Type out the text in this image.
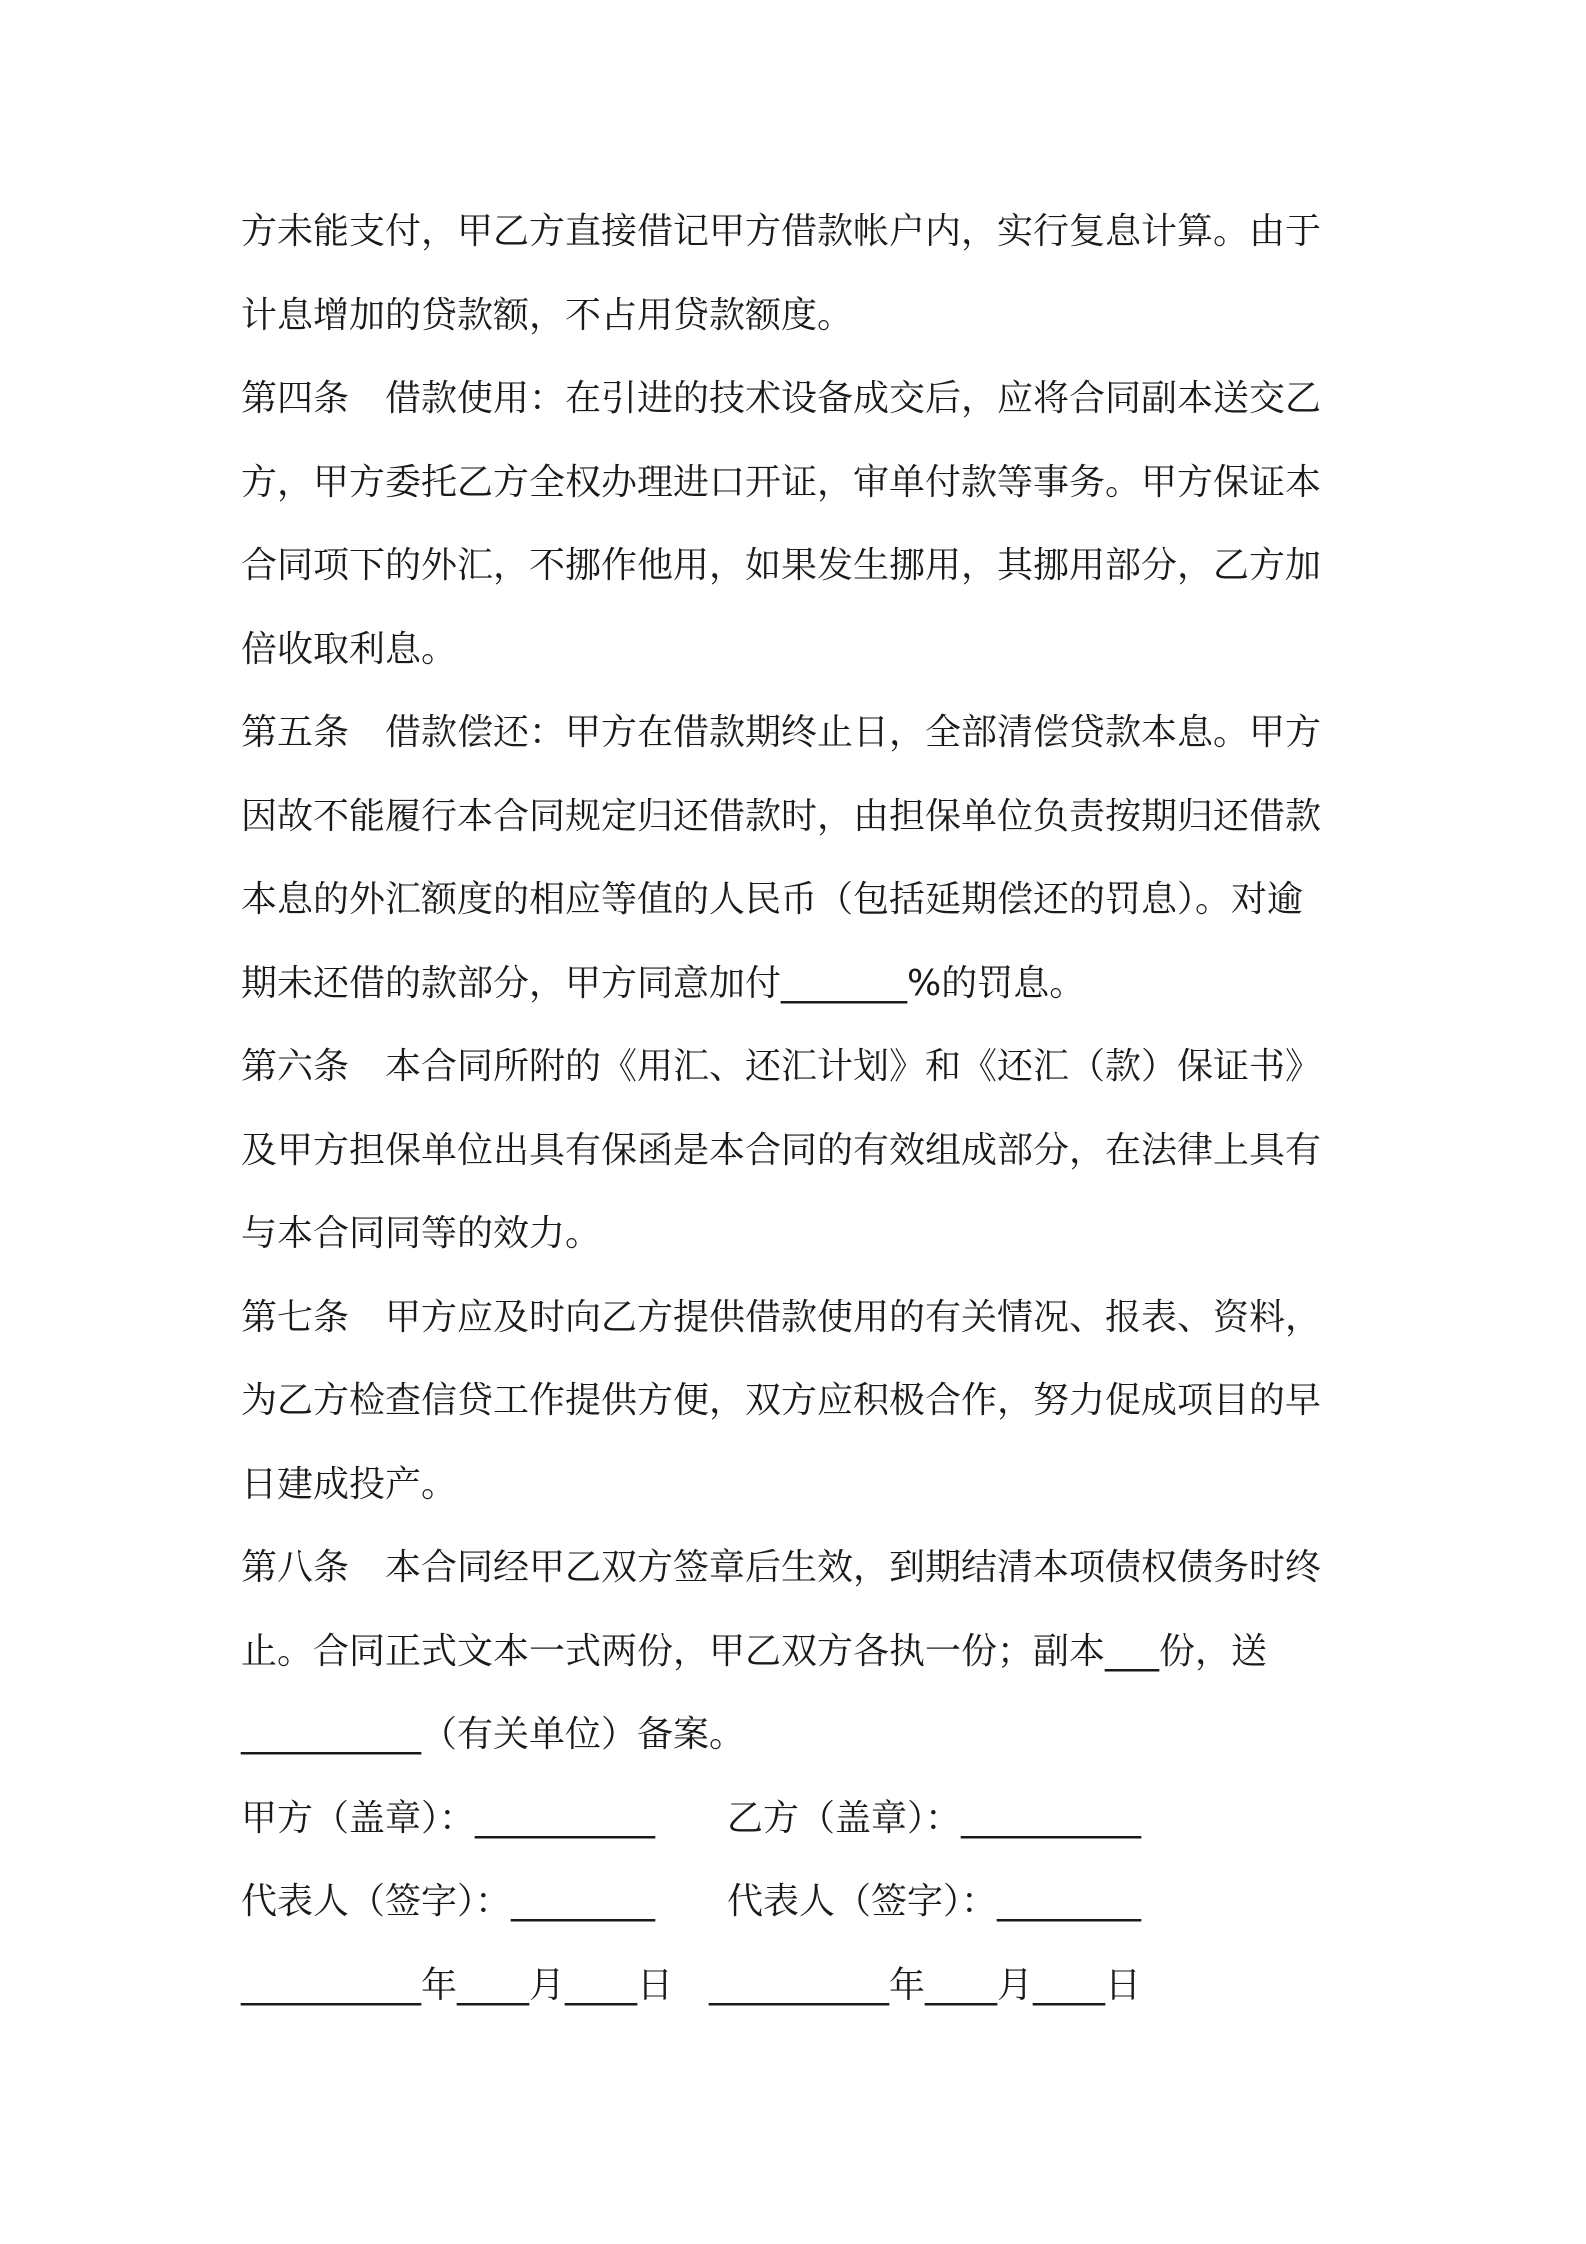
方未能支付，甲乙方直接借记甲方借款帐户内，实行复息计算。由于
计息增加的贷款额，不占用贷款额度。
第四条　借款使用：在引进的技术设备成交后，应将合同副本送交乙
方，甲方委托乙方全权办理进口开证，审单付款等事务。甲方保证本
合同项下的外汇，不挪作他用，如果发生挪用，其挪用部分，乙方加
倍收取利息。
第五条　借款偿还：甲方在借款期终止日，全部清偿贷款本息。甲方
因故不能履行本合同规定归还借款时，由担保单位负责按期归还借款
本息的外汇额度的相应等值的人民币（包括延期偿还的罚息）。对逾
期未还借的款部分，甲方同意加付_______%的罚息。
第六条　本合同所附的《用汇、还汇计划》和《还汇（款）保证书》
及甲方担保单位出具有保函是本合同的有效组成部分，在法律上具有
与本合同同等的效力。
第七条　甲方应及时向乙方提供借款使用的有关情况、报表、资料，
为乙方检查信贷工作提供方便，双方应积极合作，努力促成项目的早
日建成投产。
第八条　本合同经甲乙双方签章后生效，到期结清本项债权债务时终
止。合同正式文本一式两份，甲乙双方各执一份；副本___份，送
__________（有关单位）备案。
甲方（盖章）：__________　　乙方（盖章）：__________
代表人（签字）：________　　代表人（签字）：________
__________年____月____日　__________年____月____日
